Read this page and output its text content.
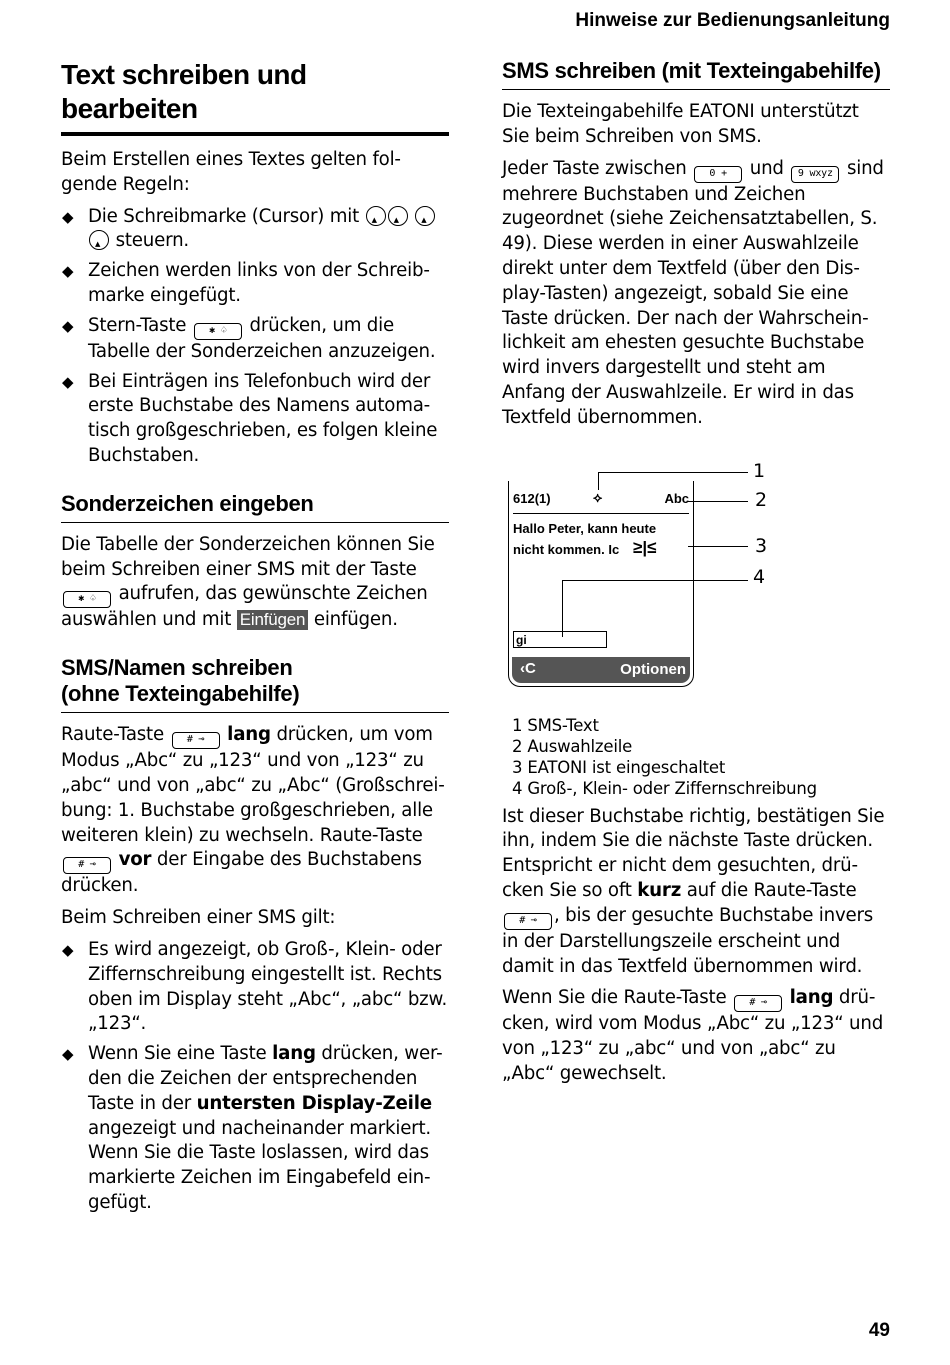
Hinweise zur Bedienungsanleitung
Text schreiben und bearbeiten

Beim Erstellen eines Textes gelten fol-gende Regeln:

◆ Die Schreibmarke (Cursor) mit ▲▲ ▲▲ steuern.
◆ Zeichen werden links von der Schreib-marke eingefügt.
◆ Stern-Taste ✱ ♤ drücken, um die Tabelle der Sonderzeichen anzuzeigen.
◆ Bei Einträgen ins Telefonbuch wird der erste Buchstabe des Namens automa-tisch großgeschrieben, es folgen kleine Buchstaben.
Sonderzeichen eingeben

Die Tabelle der Sonderzeichen können Sie beim Schreiben einer SMS mit der Taste ✱ ♤ aufrufen, das gewünschte Zeichen auswählen und mit Einfügen einfügen.

SMS/Namen schreiben
(ohne Texteingabehilfe)

Raute-Taste # ⊸ lang drücken, um vom Modus „Abc“ zu „123“ und von „123“ zu „abc“ und von „abc“ zu „Abc“ (Großschrei-bung: 1. Buchstabe großgeschrieben, alle weiteren klein) zu wechseln. Raute-Taste # ⊸ vor der Eingabe des Buchstabens drücken.

Beim Schreiben einer SMS gilt:

◆ Es wird angezeigt, ob Groß-, Klein- oder Ziffernschreibung eingestellt ist. Rechts oben im Display steht „Abc“, „abc“ bzw. „123“.
◆ Wenn Sie eine Taste lang drücken, wer-den die Zeichen der entsprechenden Taste in der untersten Display-Zeile angezeigt und nacheinander markiert. Wenn Sie die Taste loslassen, wird das markierte Zeichen im Eingabefeld ein-gefügt.
SMS schreiben (mit Texteingabehilfe)

Die Texteingabehilfe EATONI unterstützt Sie beim Schreiben von SMS.

Jeder Taste zwischen 0 + und 9 wxyz sind mehrere Buchstaben und Zeichen zugeordnet (siehe Zeichensatztabellen, S. 49). Diese werden in einer Auswahlzeile direkt unter dem Textfeld (über den Dis-play-Tasten) angezeigt, sobald Sie eine Taste drücken. Der nach der Wahrschein-lichkeit am ehesten gesuchte Buchstabe wird invers dargestellt und steht am Anfang der Auswahlzeile. Er wird in das Textfeld übernommen.

612(1)	⟡	Abc
Hallo Peter, kann heute
nicht kommen. Ic ≥|≤
gi
‹C	Optionen
1
2
3
4

1 SMS-Text

2 Auswahlzeile

3 EATONI ist eingeschaltet

4 Groß-, Klein- oder Ziffernschreibung

Ist dieser Buchstabe richtig, bestätigen Sie ihn, indem Sie die nächste Taste drücken. Entspricht er nicht dem gesuchten, drü-cken Sie so oft kurz auf die Raute-Taste # ⊸ , bis der gesuchte Buchstabe invers in der Darstellungszeile erscheint und damit in das Textfeld übernommen wird.

Wenn Sie die Raute-Taste # ⊸ lang drü-cken, wird vom Modus „Abc“ zu „123“ und von „123“ zu „abc“ und von „abc“ zu „Abc“ gewechselt.

49
